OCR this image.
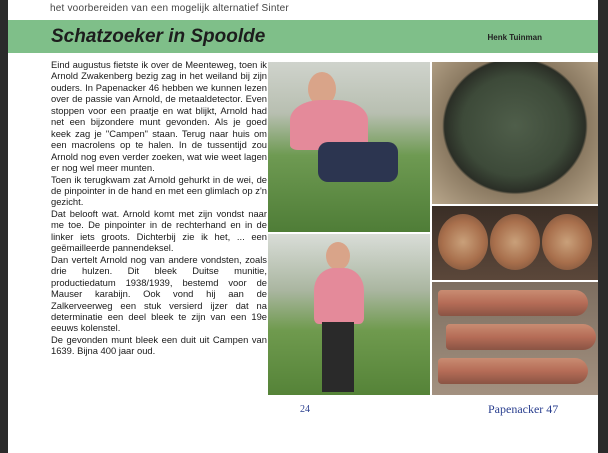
het voorbereiden van een mogelijk alternatief Sinter
Schatzoeker in Spoolde	Henk Tuinman

Eind augustus fietste ik over de Meenteweg, toen ik Arnold Zwakenberg bezig zag in het weiland bij zijn ouders. In Papenacker 46 hebben we kunnen lezen over de passie van Arnold, de metaaldetector. Even stoppen voor een praatje en wat blijkt, Arnold had net een bijzondere munt gevonden. Als je goed keek zag je "Campen" staan. Terug naar huis om een macrolens op te halen. In de tussentijd zou Arnold nog even verder zoeken, wat wie weet lagen er nog wel meer munten.

Toen ik terugkwam zat Arnold gehurkt in de wei, de de pinpointer in de hand en met een glimlach op z'n gezicht.

Dat belooft wat. Arnold komt met zijn vondst naar me toe. De pinpointer in de rechterhand en in de linker iets groots. Dichterbij zie ik het, ... een geëmailleerde pannendeksel.

Dan vertelt Arnold nog van andere vondsten, zoals drie hulzen. Dit bleek Duitse munitie, productiedatum 1938/1939, bestemd voor de Mauser karabijn. Ook vond hij aan de Zalkerveerweg een stuk versierd ijzer dat na determinatie een deel bleek te zijn van een 19e eeuws kolenstel.

De gevonden munt bleek een duit uit Campen van 1639. Bijna 400 jaar oud.

24	Papenacker 47
